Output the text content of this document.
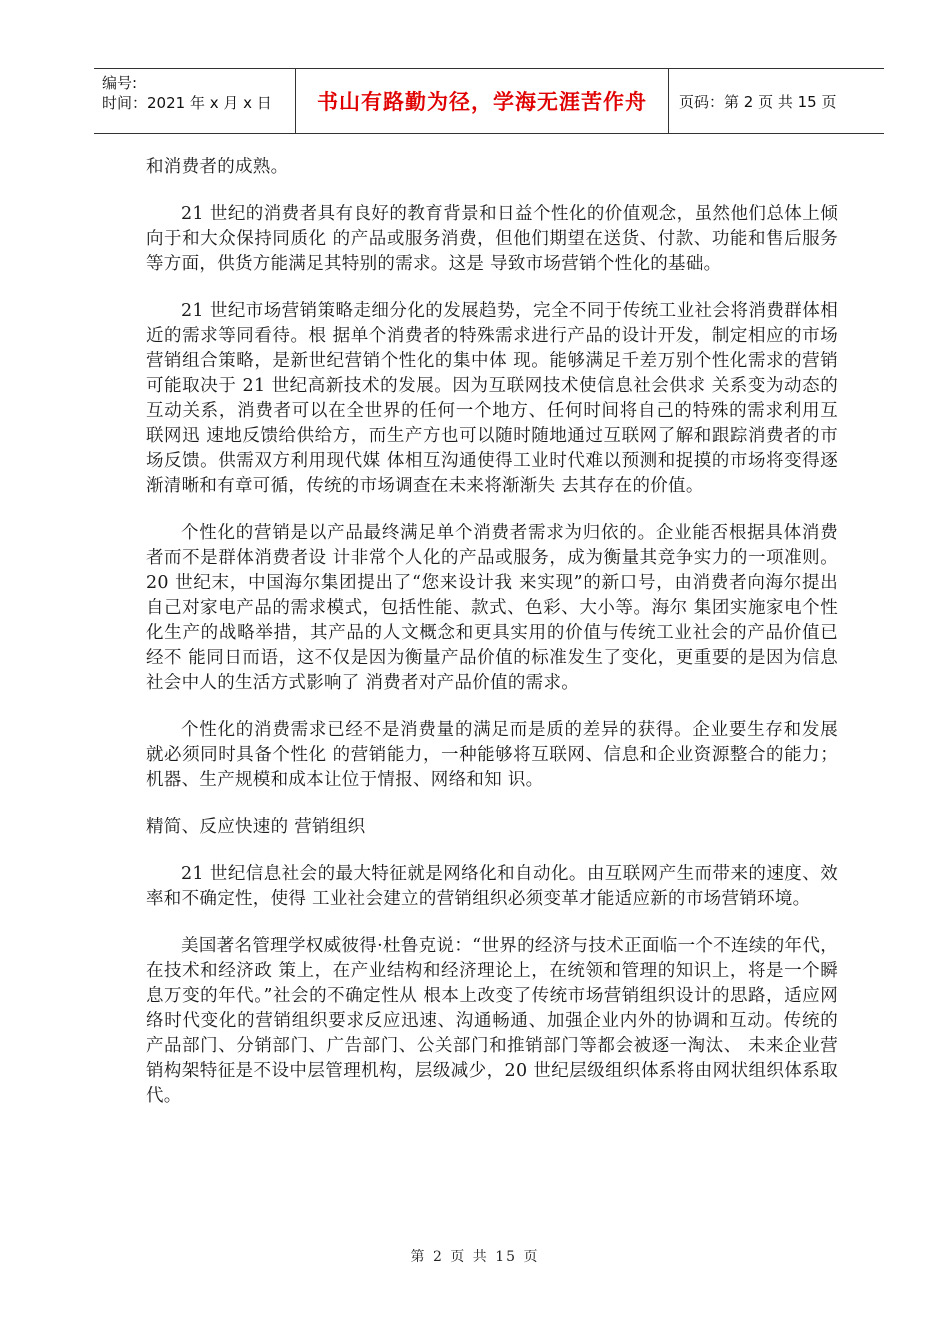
编号:
时间：2021 年 x 月 x 日	书山有路勤为径，学海无涯苦作舟	页码：第 2 页 共 15 页

和消费者的成熟。

21 世纪的消费者具有良好的教育背景和日益个性化的价值观念，虽然他们总体上倾向于和大众保持同质化 的产品或服务消费，但他们期望在送货、付款、功能和售后服务等方面，供货方能满足其特别的需求。这是 导致市场营销个性化的基础。

21 世纪市场营销策略走细分化的发展趋势，完全不同于传统工业社会将消费群体相近的需求等同看待。根 据单个消费者的特殊需求进行产品的设计开发，制定相应的市场营销组合策略，是新世纪营销个性化的集中体 现。能够满足千差万别个性化需求的营销可能取决于 21 世纪高新技术的发展。因为互联网技术使信息社会供求 关系变为动态的互动关系，消费者可以在全世界的任何一个地方、任何时间将自己的特殊的需求利用互联网迅 速地反馈给供给方，而生产方也可以随时随地通过互联网了解和跟踪消费者的市场反馈。供需双方利用现代媒 体相互沟通使得工业时代难以预测和捉摸的市场将变得逐渐清晰和有章可循，传统的市场调查在未来将渐渐失 去其存在的价值。

个性化的营销是以产品最终满足单个消费者需求为归依的。企业能否根据具体消费者而不是群体消费者设 计非常个人化的产品或服务，成为衡量其竞争实力的一项准则。20 世纪末，中国海尔集团提出了“您来设计我 来实现”的新口号，由消费者向海尔提出自己对家电产品的需求模式，包括性能、款式、色彩、大小等。海尔 集团实施家电个性化生产的战略举措，其产品的人文概念和更具实用的价值与传统工业社会的产品价值已经不 能同日而语，这不仅是因为衡量产品价值的标准发生了变化，更重要的是因为信息社会中人的生活方式影响了 消费者对产品价值的需求。

个性化的消费需求已经不是消费量的满足而是质的差异的获得。企业要生存和发展就必须同时具备个性化 的营销能力，一种能够将互联网、信息和企业资源整合的能力；机器、生产规模和成本让位于情报、网络和知 识。

精简、反应快速的 营销组织

21 世纪信息社会的最大特征就是网络化和自动化。由互联网产生而带来的速度、效率和不确定性，使得 工业社会建立的营销组织必须变革才能适应新的市场营销环境。

美国著名管理学权威彼得·杜鲁克说：“世界的经济与技术正面临一个不连续的年代，在技术和经济政 策上，在产业结构和经济理论上，在统领和管理的知识上，将是一个瞬息万变的年代。”社会的不确定性从 根本上改变了传统市场营销组织设计的思路，适应网络时代变化的营销组织要求反应迅速、沟通畅通、加强企业内外的协调和互动。传统的产品部门、分销部门、广告部门、公关部门和推销部门等都会被逐一淘汰、 未来企业营销构架特征是不设中层管理机构，层级减少，20 世纪层级组织体系将由网状组织体系取代。

第 2 页 共 15 页
